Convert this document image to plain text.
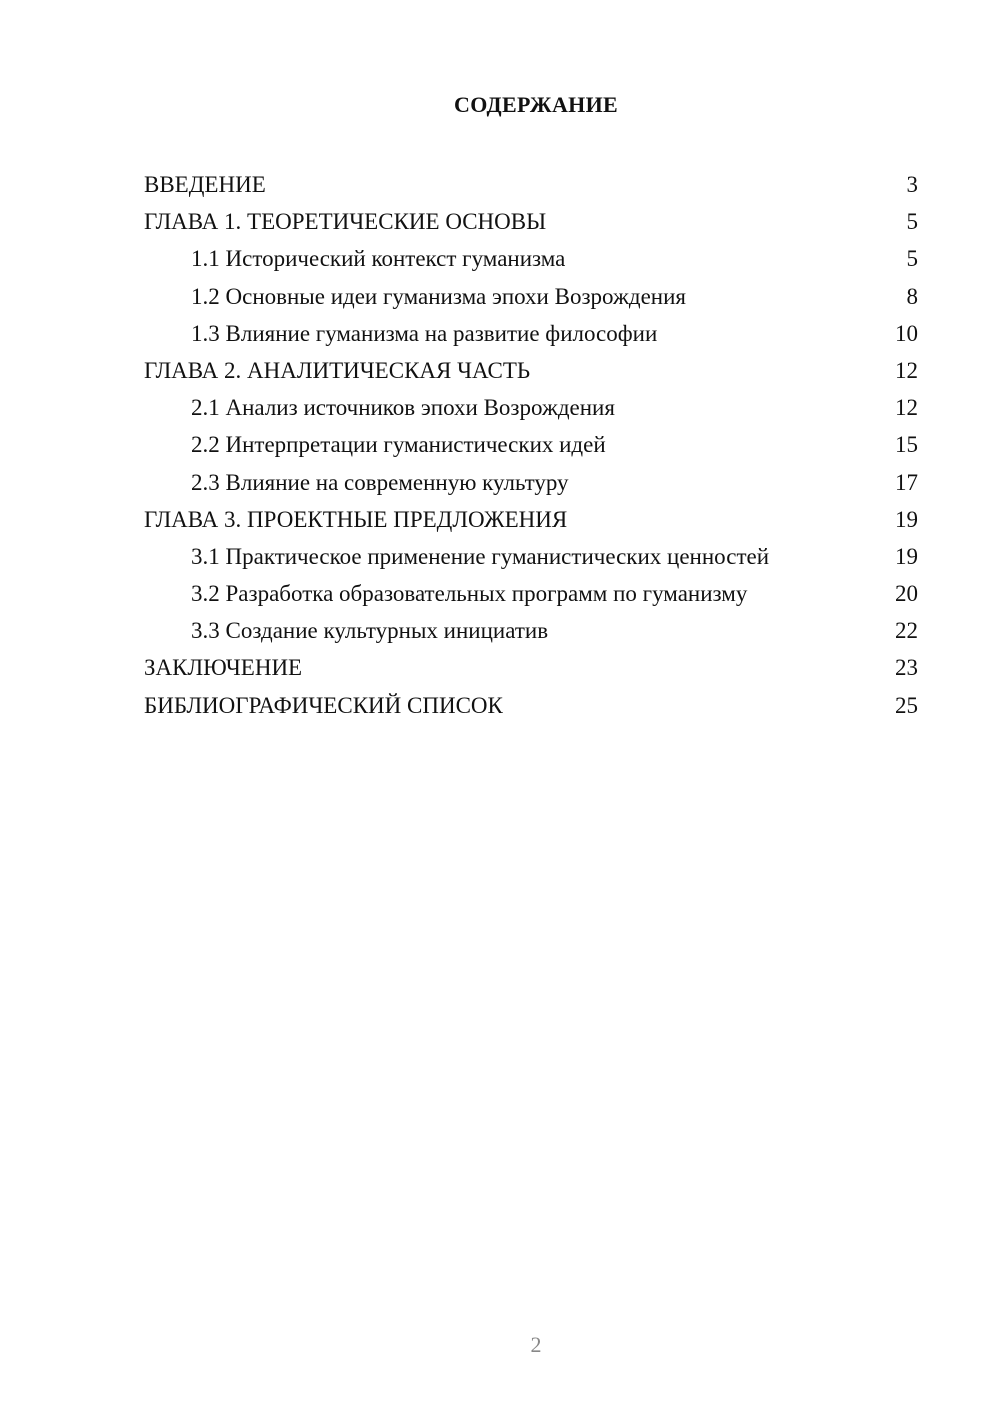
СОДЕРЖАНИЕ
ВВЕДЕНИЕ	3
ГЛАВА 1. ТЕОРЕТИЧЕСКИЕ ОСНОВЫ	5
1.1 Исторический контекст гуманизма	5
1.2 Основные идеи гуманизма эпохи Возрождения	8
1.3 Влияние гуманизма на развитие философии	10
ГЛАВА 2. АНАЛИТИЧЕСКАЯ ЧАСТЬ	12
2.1 Анализ источников эпохи Возрождения	12
2.2 Интерпретации гуманистических идей	15
2.3 Влияние на современную культуру	17
ГЛАВА 3. ПРОЕКТНЫЕ ПРЕДЛОЖЕНИЯ	19
3.1 Практическое применение гуманистических ценностей	19
3.2 Разработка образовательных программ по гуманизму	20
3.3 Создание культурных инициатив	22
ЗАКЛЮЧЕНИЕ	23
БИБЛИОГРАФИЧЕСКИЙ СПИСОК	25
2
